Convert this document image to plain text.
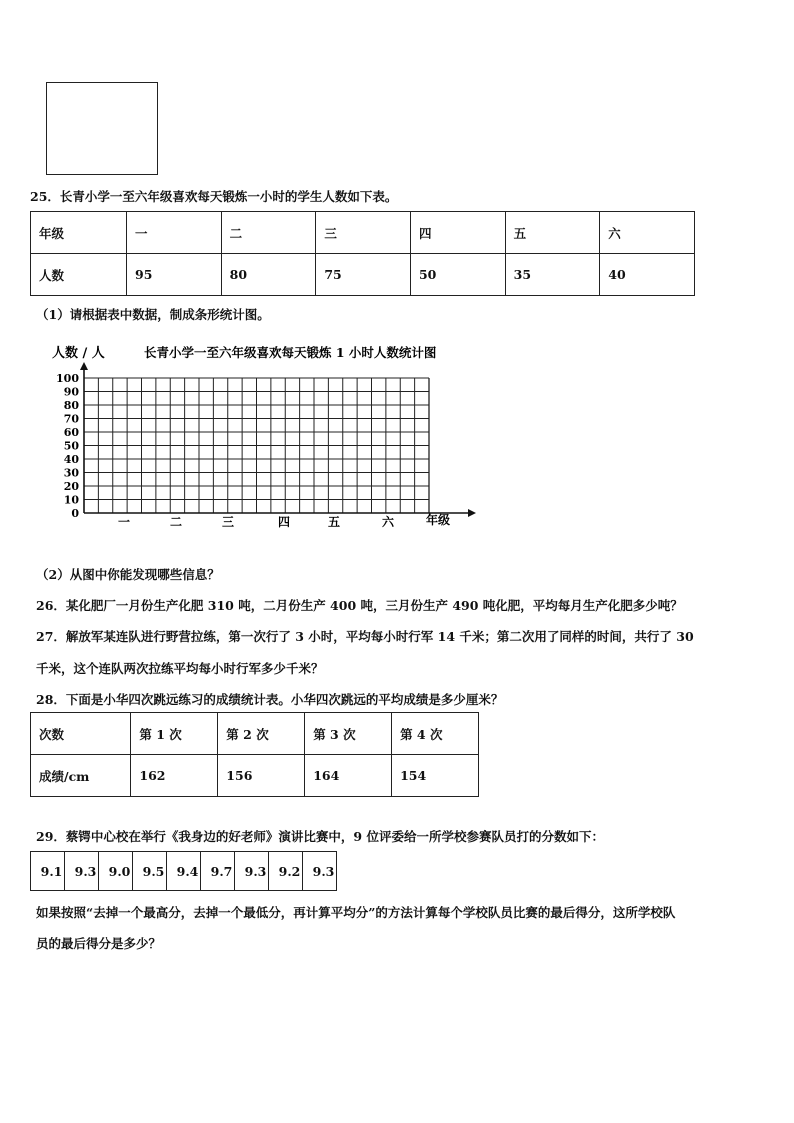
25．长青小学一至六年级喜欢每天锻炼一小时的学生人数如下表。
年级	一	二	三	四	五	六
人数	95	80	75	50	35	40
（1）请根据表中数据，制成条形统计图。
人数 / 人	长青小学一至六年级喜欢每天锻炼 1 小时人数统计图
0
10
20
30
40
50
60
70
80
90
100
一	二	三	四	五	六	年级
（2）从图中你能发现哪些信息？
26．某化肥厂一月份生产化肥 310 吨，二月份生产 400 吨，三月份生产 490 吨化肥，平均每月生产化肥多少吨？
27．解放军某连队进行野营拉练，第一次行了 3 小时，平均每小时行军 14 千米；第二次用了同样的时间，共行了 30
千米，这个连队两次拉练平均每小时行军多少千米？
28．下面是小华四次跳远练习的成绩统计表。小华四次跳远的平均成绩是多少厘米？
次数	第 1 次	第 2 次	第 3 次	第 4 次
成绩/cm	162	156	164	154
29．蔡锷中心校在举行《我身边的好老师》演讲比赛中，9 位评委给一所学校参赛队员打的分数如下：
9.1	9.3	9.0	9.5	9.4	9.7	9.3	9.2	9.3
如果按照“去掉一个最高分，去掉一个最低分，再计算平均分”的方法计算每个学校队员比赛的最后得分，这所学校队
员的最后得分是多少？
